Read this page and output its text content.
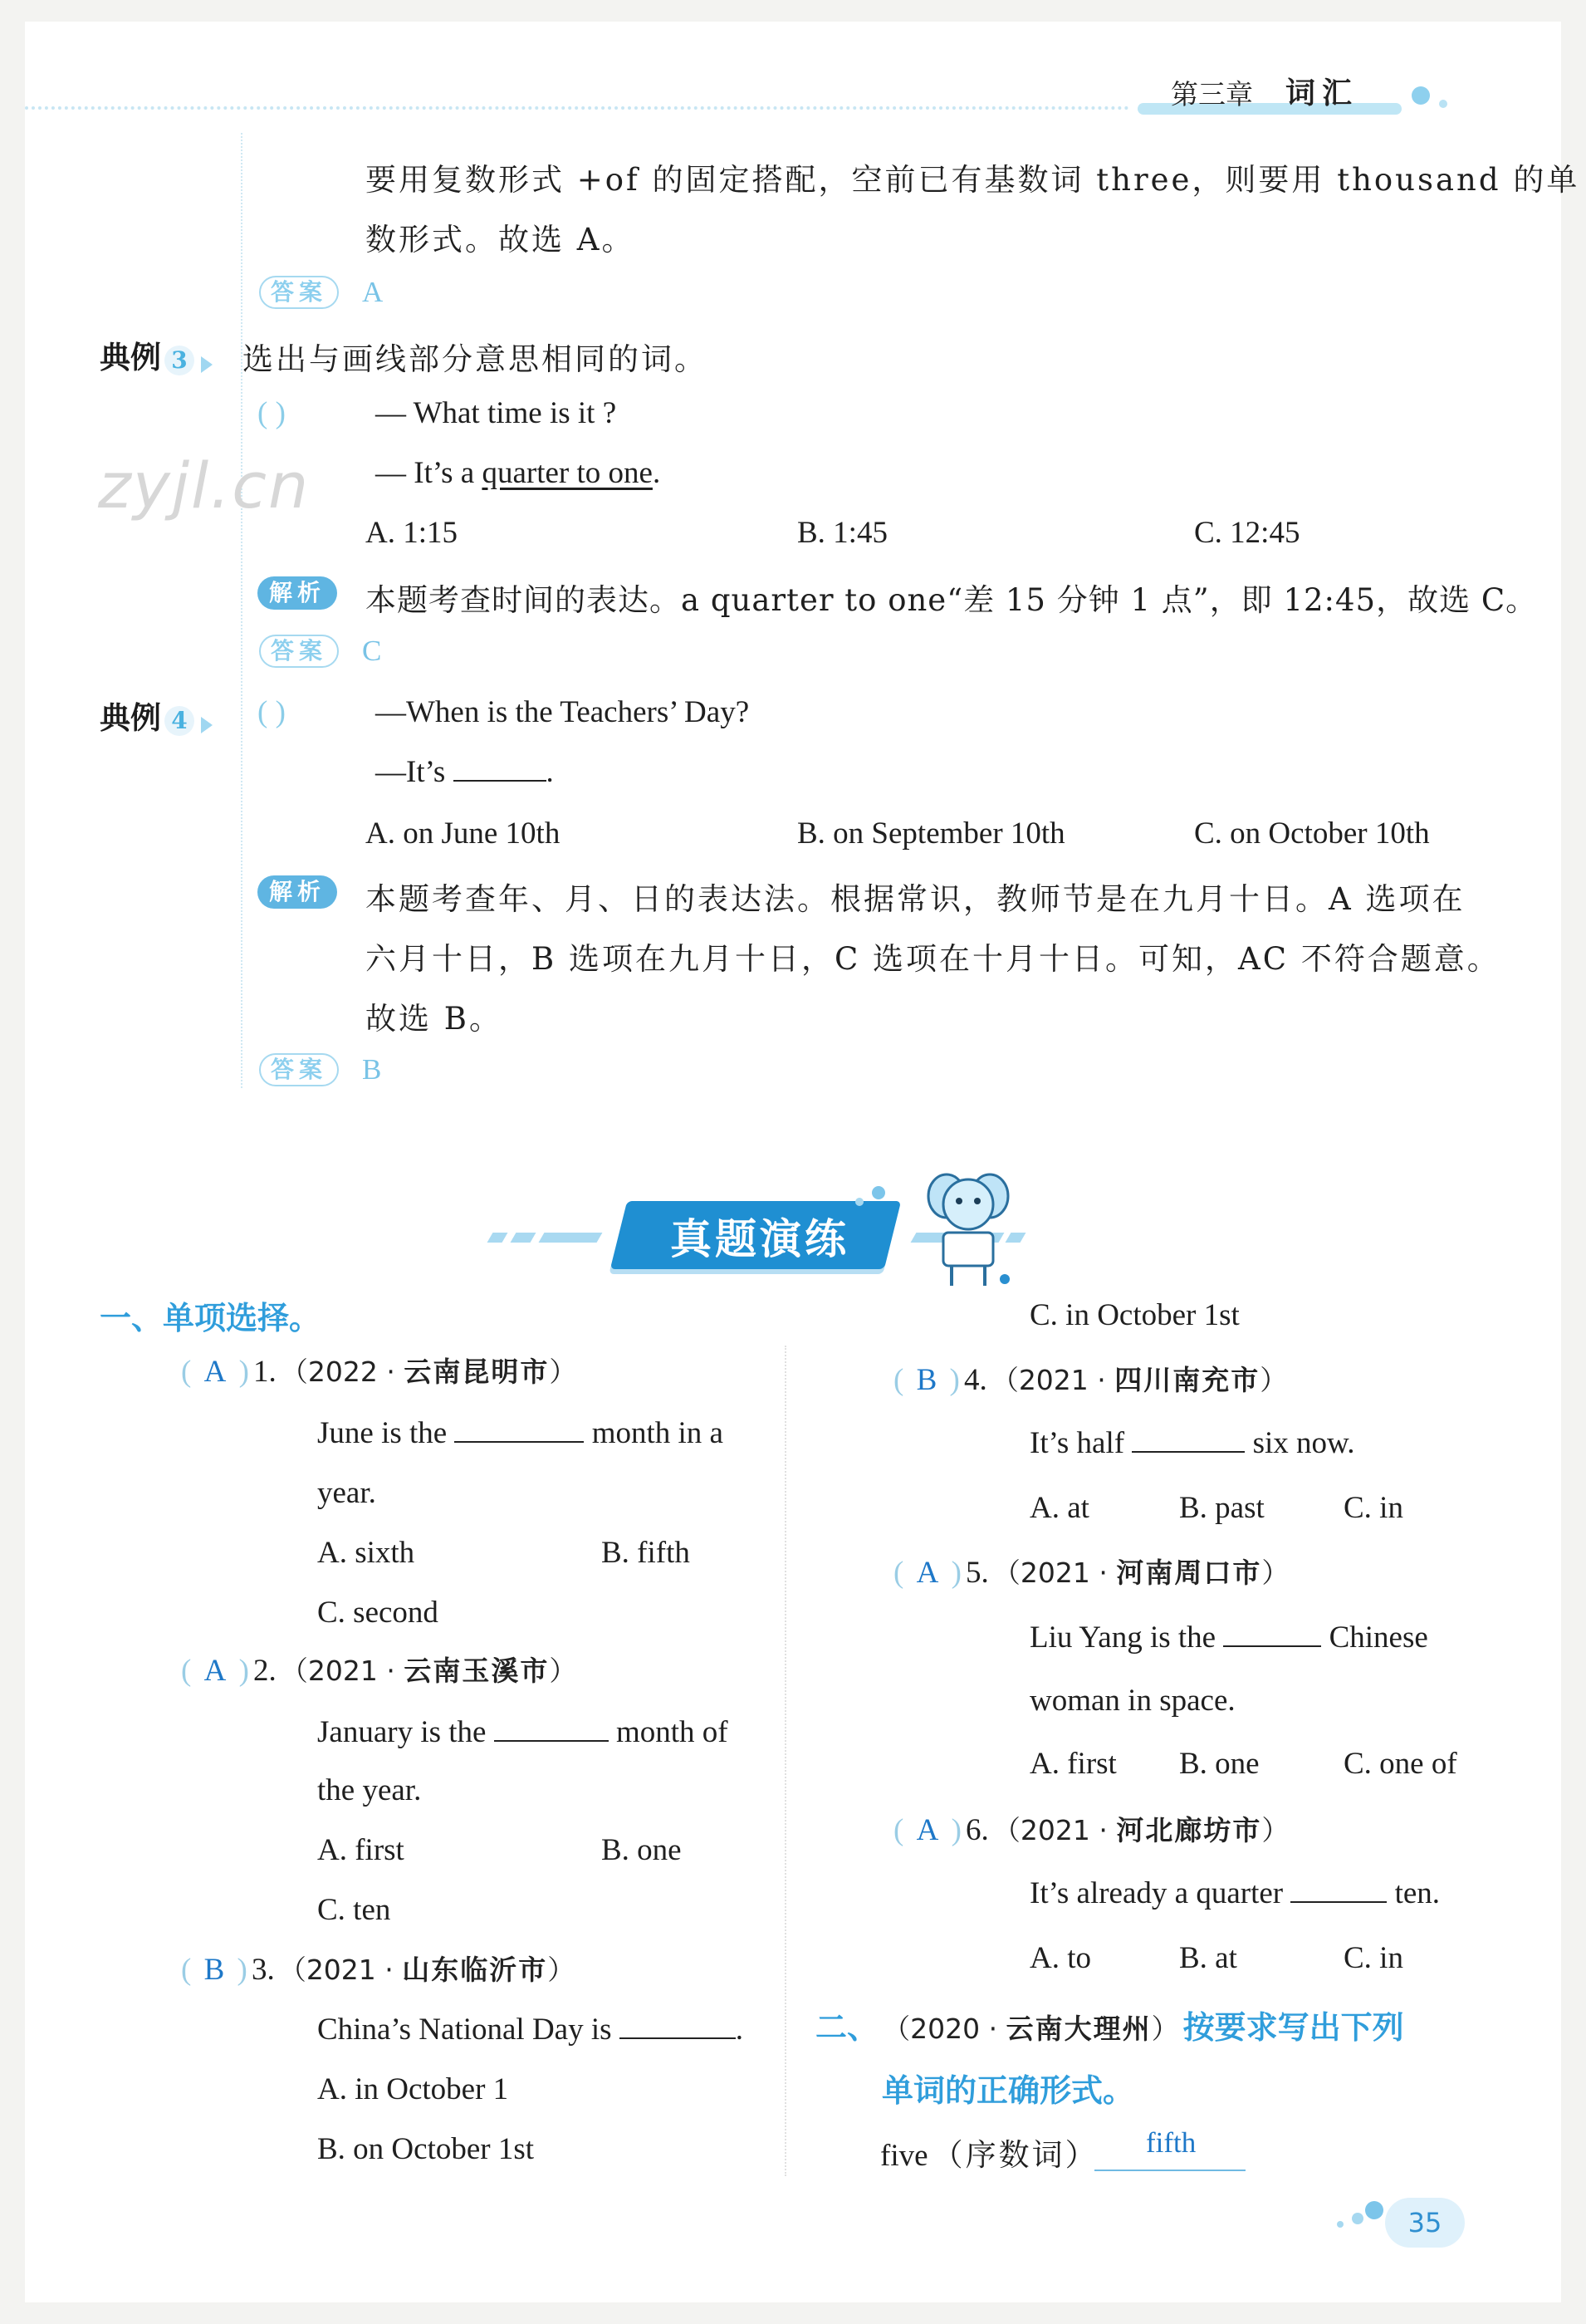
第三章 词汇
要用复数形式 +of 的固定搭配，空前已有基数词 three，则要用 thousand 的单
数形式。故选 A。
答案	A
典例 3	选出与画线部分意思相同的词。
( )	— What time is it ?
— It’s a quarter to one.
A. 1:15	B. 1:45	C. 12:45
解析	本题考查时间的表达。a quarter to one“差 15 分钟 1 点”，即 12:45，故选 C。
答案	C
zyjl.cn
典例 4	( )	—When is the Teachers’ Day?
—It’s	.
A. on June 10th	B. on September 10th	C. on October 10th
解析	本题考查年、月、日的表达法。根据常识，教师节是在九月十日。A 选项在
六月十日，B 选项在九月十日，C 选项在十月十日。可知，AC 不符合题意。
故选 B。
答案	B
真题演练
一、单项选择。
( A ) 1. （2022 · 云南昆明市）
June is the	month in a
year.
A. sixth	B. fifth
C. second
( A ) 2. （2021 · 云南玉溪市）
January is the	month of
the year.
A. first	B. one
C. ten
( B ) 3. （2021 · 山东临沂市）
China’s National Day is	.
A. in October 1
B. on October 1st
C. in October 1st
( B ) 4. （2021 · 四川南充市）
It’s half	six now.
A. at	B. past	C. in
( A ) 5. （2021 · 河南周口市）
Liu Yang is the	Chinese
woman in space.
A. first B. one	C. one of
( A ) 6. （2021 · 河北廊坊市）
It’s already a quarter	ten.
A. to	B. at	C. in
二、 （2020 · 云南大理州） 按要求写出下列
单词的正确形式。
five （序数词） fifth
35
